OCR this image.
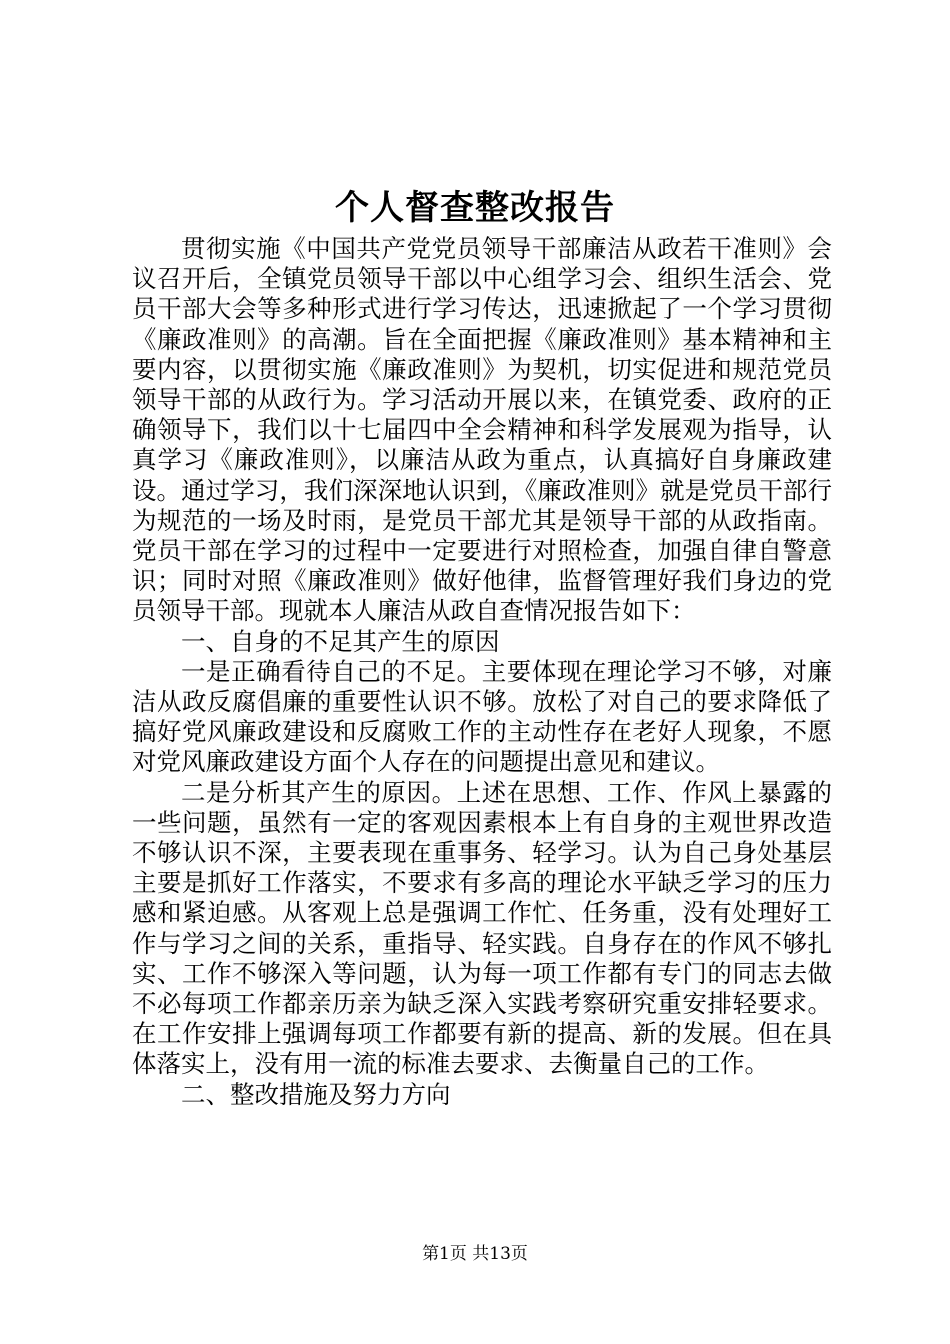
个人督查整改报告

贯彻实施《中国共产党党员领导干部廉洁从政若干准则》会议召开后，全镇党员领导干部以中心组学习会、组织生活会、党员干部大会等多种形式进行学习传达，迅速掀起了一个学习贯彻《廉政准则》的高潮。旨在全面把握《廉政准则》基本精神和主要内容，以贯彻实施《廉政准则》为契机，切实促进和规范党员领导干部的从政行为。学习活动开展以来，在镇党委、政府的正确领导下，我们以十七届四中全会精神和科学发展观为指导，认真学习《廉政准则》，以廉洁从政为重点，认真搞好自身廉政建设。通过学习，我们深深地认识到，《廉政准则》就是党员干部行为规范的一场及时雨，是党员干部尤其是领导干部的从政指南。党员干部在学习的过程中一定要进行对照检查，加强自律自警意识；同时对照《廉政准则》做好他律，监督管理好我们身边的党员领导干部。现就本人廉洁从政自查情况报告如下：

一、自身的不足其产生的原因

一是正确看待自己的不足。主要体现在理论学习不够，对廉洁从政反腐倡廉的重要性认识不够。放松了对自己的要求降低了搞好党风廉政建设和反腐败工作的主动性存在老好人现象，不愿对党风廉政建设方面个人存在的问题提出意见和建议。

二是分析其产生的原因。上述在思想、工作、作风上暴露的一些问题，虽然有一定的客观因素根本上有自身的主观世界改造不够认识不深，主要表现在重事务、轻学习。认为自己身处基层主要是抓好工作落实，不要求有多高的理论水平缺乏学习的压力感和紧迫感。从客观上总是强调工作忙、任务重，没有处理好工作与学习之间的关系，重指导、轻实践。自身存在的作风不够扎实、工作不够深入等问题，认为每一项工作都有专门的同志去做不必每项工作都亲历亲为缺乏深入实践考察研究重安排轻要求。在工作安排上强调每项工作都要有新的提高、新的发展。但在具体落实上，没有用一流的标准去要求、去衡量自己的工作。

二、整改措施及努力方向

第1页 共13页
